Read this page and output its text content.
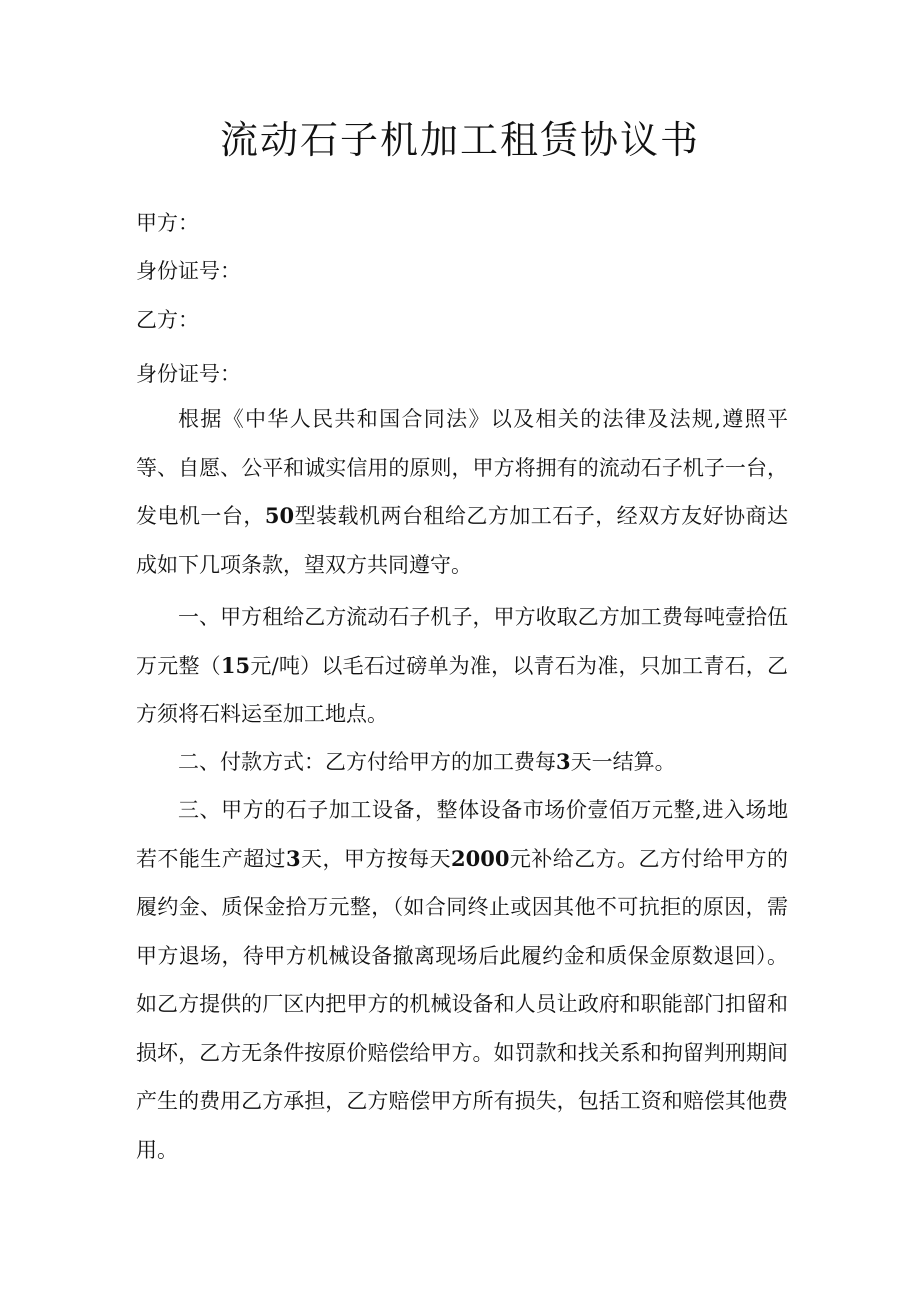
流动石子机加工租赁协议书

甲方：

身份证号：

乙方：

身份证号：

根据《中华人民共和国合同法》以及相关的法律及法规,遵照平等、自愿、公平和诚实信用的原则，甲方将拥有的流动石子机子一台，发电机一台，50型装载机两台租给乙方加工石子，经双方友好协商达成如下几项条款，望双方共同遵守。

一、甲方租给乙方流动石子机子，甲方收取乙方加工费每吨壹拾伍万元整（15元/吨）以毛石过磅单为准，以青石为准，只加工青石，乙方须将石料运至加工地点。

二、付款方式：乙方付给甲方的加工费每3天一结算。

三、甲方的石子加工设备，整体设备市场价壹佰万元整,进入场地若不能生产超过3天，甲方按每天2000元补给乙方。乙方付给甲方的履约金、质保金拾万元整，（如合同终止或因其他不可抗拒的原因，需甲方退场，待甲方机械设备撤离现场后此履约金和质保金原数退回）。如乙方提供的厂区内把甲方的机械设备和人员让政府和职能部门扣留和损坏，乙方无条件按原价赔偿给甲方。如罚款和找关系和拘留判刑期间产生的费用乙方承担，乙方赔偿甲方所有损失，包括工资和赔偿其他费用。
